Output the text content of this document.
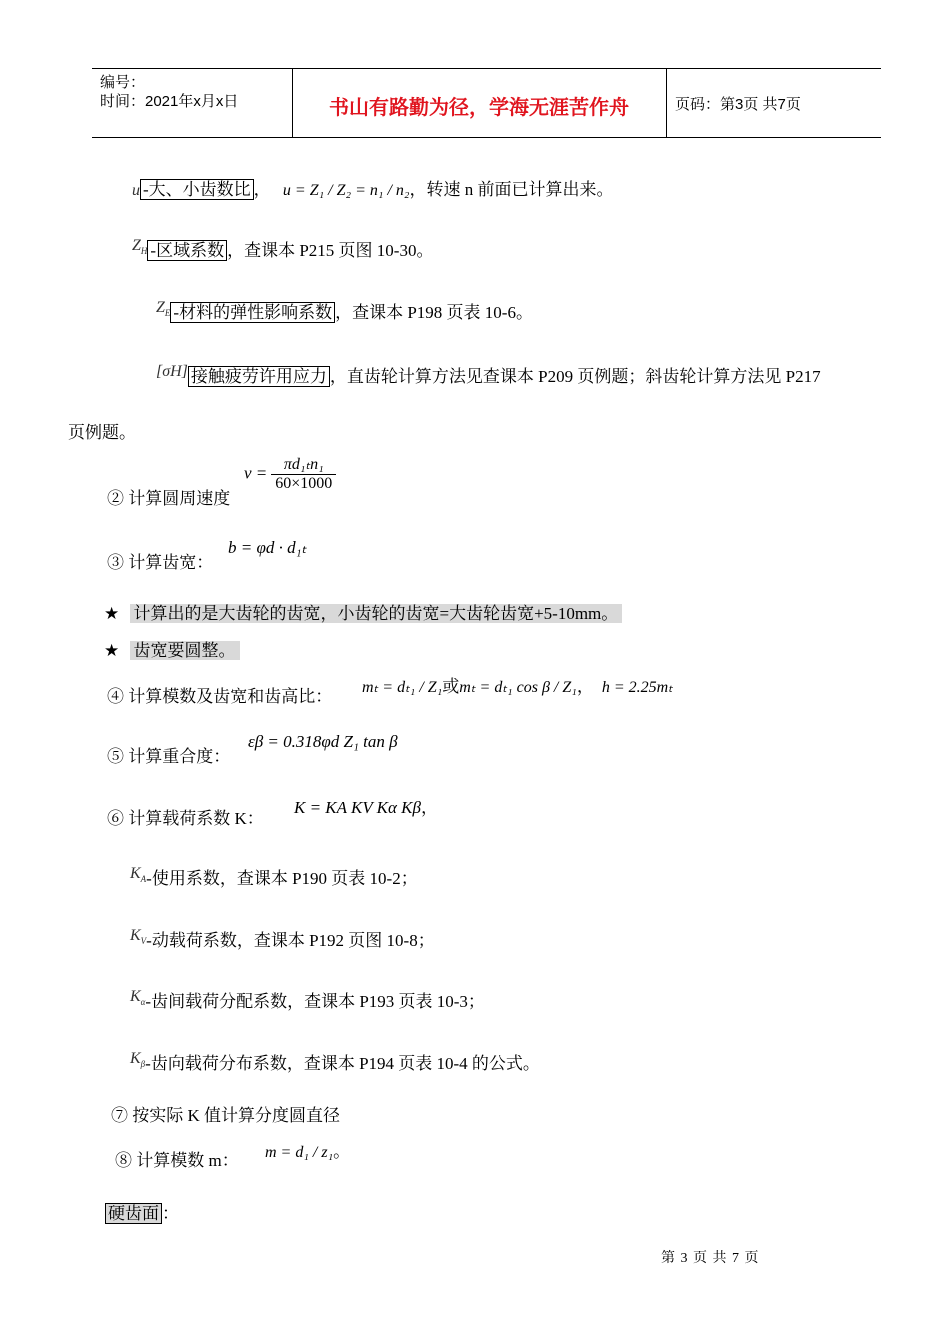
编号：
时间：2021年x月x日	书山有路勤为径，学海无涯苦作舟	页码：第3页 共7页
u -大、小齿数比 ， u = Z₁ / Z₂ = n₁ / n₂，转速 n 前面已计算出来。
$Z_H$ -区域系数 ，查课本 P215 页图 10-30。
$Z_E$ -材料的弹性影响系数 ，查课本 P198 页表 10-6。
[σH] 接触疲劳许用应力 ，直齿轮计算方法见查课本 P209 页例题；斜齿轮计算方法见 P217
页例题。
② 计算圆周速度
$v = \frac{\text{πd₁ₜn₁}}{60\times 1000}$
③ 计算齿宽：
b = φd · d₁ₜ
★ 计算出的是大齿轮的齿宽，小齿轮的齿宽=大齿轮齿宽+5-10mm。
★ 齿宽要圆整。
④ 计算模数及齿宽和齿高比： mₜ = dₜ₁ / Z₁或mₜ = dₜ₁ cos β / Z₁， h = 2.25mₜ
⑤ 计算重合度：
εβ = 0.318φd Z₁ tan β
⑥ 计算载荷系数 K：
K = KA KV Kα Kβ，
$K_A-$使用系数，查课本 P190 页表 10-2；
$K_V-$动载荷系数，查课本 P192 页图 10-8；
$K_\alpha-$齿间载荷分配系数，查课本 P193 页表 10-3；
$K_\beta-$齿向载荷分布系数，查课本 P194 页表 10-4 的公式。
⑦ 按实际 K 值计算分度圆直径
⑧ 计算模数 m： m = d₁ / z₁。
硬齿面 ：
第 3 页 共 7 页
